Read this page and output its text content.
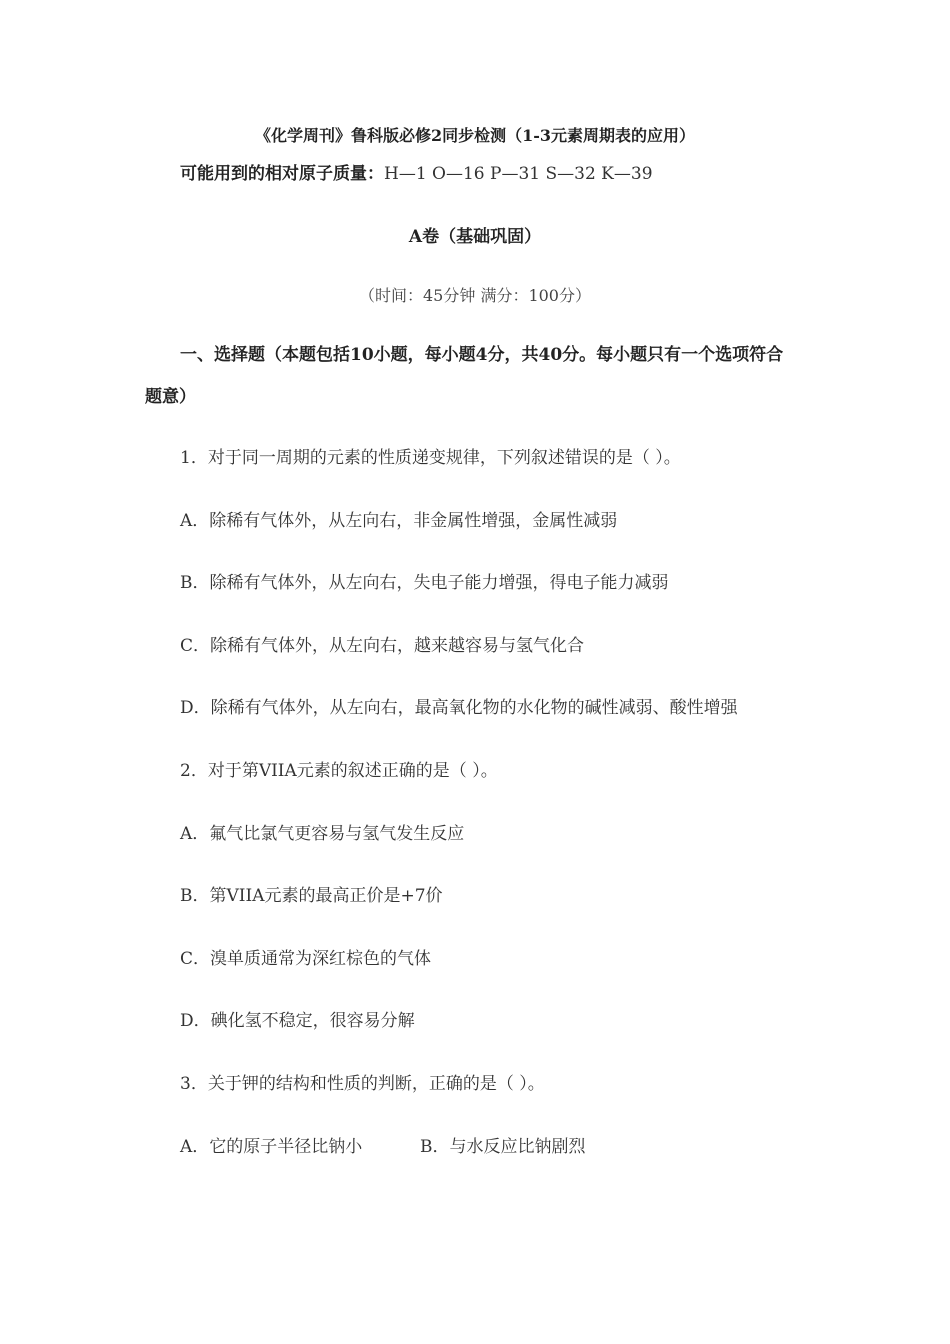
《化学周刊》鲁科版必修2同步检测（1-3元素周期表的应用）
可能用到的相对原子质量：H—1 O—16 P—31 S—32 K—39
A卷（基础巩固）
（时间：45分钟 满分：100分）
一、选择题（本题包括10小题，每小题4分，共40分。每小题只有一个选项符合
题意）
1．对于同一周期的元素的性质递变规律，下列叙述错误的是（ ）。
A．除稀有气体外，从左向右，非金属性增强，金属性减弱
B．除稀有气体外，从左向右，失电子能力增强，得电子能力减弱
C．除稀有气体外，从左向右，越来越容易与氢气化合
D．除稀有气体外，从左向右，最高氧化物的水化物的碱性减弱、酸性增强
2．对于第VIIA元素的叙述正确的是（ ）。
A．氟气比氯气更容易与氢气发生反应
B．第VIIA元素的最高正价是+7价
C．溴单质通常为深红棕色的气体
D．碘化氢不稳定，很容易分解
3．关于钾的结构和性质的判断，正确的是（ ）。
A．它的原子半径比钠小	B．与水反应比钠剧烈
